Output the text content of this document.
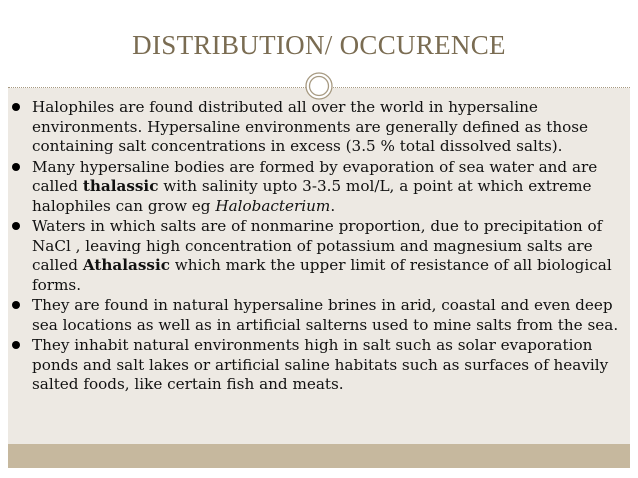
DISTRIBUTION/ OCCURENCE
Halophiles are found distributed all over the world in hypersaline environments. Hypersaline environments are generally defined as those containing salt concentrations in excess (3.5 % total dissolved salts).
Many hypersaline bodies are formed by evaporation of sea water and are called thalassic with salinity upto 3-3.5 mol/L, a point at which extreme halophiles can grow eg Halobacterium.
Waters in which salts are of nonmarine proportion, due to precipitation of NaCl , leaving high concentration of potassium and magnesium salts are called Athalassic which mark the upper limit of resistance of all biological forms.
They are found in natural hypersaline brines in arid, coastal and even deep sea locations as well as in artificial salterns used to mine salts from the sea.
They inhabit natural environments high in salt such as solar evaporation ponds and salt lakes or artificial saline habitats such as surfaces of heavily salted foods, like certain fish and meats.
